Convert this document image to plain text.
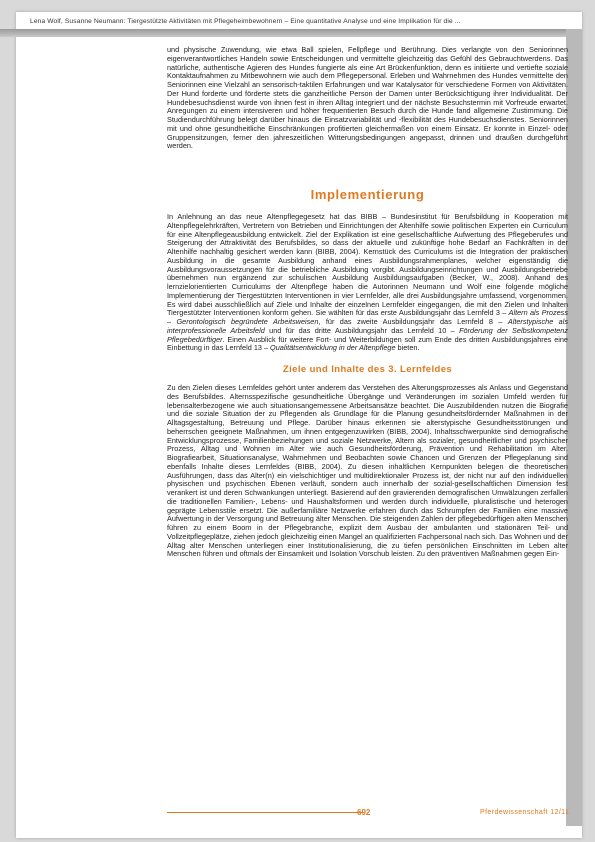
Lena Wolf, Susanne Neumann: Tiergestützte Aktivitäten mit Pflegeheimbewohnern – Eine quantitative Analyse und eine Implikation für die ...

und physische Zuwendung, wie etwa Ball spielen, Fellpflege und Berührung. Dies verlangte von den Seniorinnen eigenverantwortliches Handeln sowie Entscheidungen und vermittelte gleichzeitig das Gefühl des Gebrauchtwerdens. Das natürliche, authentische Agieren des Hundes fungierte als eine Art Brückenfunktion, denn es initiierte und vertiefte soziale Kontaktaufnahmen zu Mitbewohnern wie auch dem Pflegepersonal. Erleben und Wahrnehmen des Hundes vermittelte den Seniorinnen eine Vielzahl an sensorisch-taktilen Erfahrungen und war Katalysator für verschiedene Formen von Aktivitäten. Der Hund forderte und förderte stets die ganzheitliche Person der Damen unter Berücksichtigung ihrer Individualität. Der Hundebesuchsdienst wurde von ihnen fest in ihren Alltag integriert und der nächste Besuchstermin mit Vorfreude erwartet. Anregungen zu einem intensiveren und höher frequentierten Besuch durch die Hunde fand allgemeine Zustimmung. Die Studiendurchführung belegt darüber hinaus die Einsatzvariabilität und -flexibilität des Hundebesuchsdienstes. Seniorinnen mit und ohne gesundheitliche Einschränkungen profitierten gleichermaßen von einem Einsatz. Er konnte in Einzel- oder Gruppensitzungen, ferner den jahreszeitlichen Witterungsbedingungen angepasst, drinnen und draußen durchgeführt werden.

Implementierung

In Anlehnung an das neue Altenpflegegesetz hat das BIBB – Bundesinstitut für Berufsbildung in Kooperation mit Altenpflegelehrkräften, Vertretern von Betrieben und Einrichtungen der Altenhilfe sowie politischen Experten ein Curriculum für eine Altenpflegeausbildung entwickelt. Ziel der Explikation ist eine gesellschaftliche Aufwertung des Pflegeberufes und Steigerung der Attraktivität des Berufsbildes, so dass der aktuelle und zukünftige hohe Bedarf an Fachkräften in der Altenhilfe nachhaltig gesichert werden kann (BIBB, 2004). Kernstück des Curriculums ist die Integration der praktischen Ausbildung in die gesamte Ausbildung anhand eines Ausbildungsrahmenplanes, welcher eigenständig die Ausbildungsvoraussetzungen für die betriebliche Ausbildung vorgibt. Ausbildungseinrichtungen und Ausbildungsbetriebe übernehmen nun ergänzend zur schulischen Ausbildung Ausbildungsaufgaben (Becker, W., 2008). Anhand des lernzielorientierten Curriculums der Altenpflege haben die Autorinnen Neumann und Wolf eine folgende mögliche Implementierung der Tiergestützten Interventionen in vier Lernfelder, alle drei Ausbildungsjahre umfassend, vorgenommen. Es wird dabei ausschließlich auf Ziele und Inhalte der einzelnen Lernfelder eingegangen, die mit den Zielen und Inhalten Tiergestützter Interventionen konform gehen. Sie wählten für das erste Ausbildungsjahr das Lernfeld 3 – Altern als Prozess – Gerontologisch begründete Arbeitsweisen, für das zweite Ausbildungsjahr das Lernfeld 8 – Alterstypische als interprofessionelle Arbeitsfeld und für das dritte Ausbildungsjahr das Lernfeld 10 – Förderung der Selbstkompetenz Pflegebedürftiger. Einen Ausblick für weitere Fort- und Weiterbildungen soll zum Ende des dritten Ausbildungsjahres eine Einbettung in das Lernfeld 13 – Qualitätsentwicklung in der Altenpflege bieten.

Ziele und Inhalte des 3. Lernfeldes

Zu den Zielen dieses Lernfeldes gehört unter anderem das Verstehen des Alterungsprozesses als Anlass und Gegenstand des Berufsbildes. Alternsspezifische gesundheitliche Übergänge und Veränderungen im sozialen Umfeld werden für lebensalterbezogene wie auch situationsangemessene Arbeitsansätze beachtet. Die Auszubildenden nutzen die Biografie und die soziale Situation der zu Pflegenden als Grundlage für die Planung gesundheitsfördernder Maßnahmen in der Alltagsgestaltung, Betreuung und Pflege. Darüber hinaus erkennen sie alterstypische Gesundheitsstörungen und beherrschen geeignete Maßnahmen, um ihnen entgegenzuwirken (BIBB, 2004). Inhaltsschwerpunkte sind demografische Entwicklungsprozesse, Familienbeziehungen und soziale Netzwerke, Altern als sozialer, gesundheitlicher und psychischer Prozess, Alltag und Wohnen im Alter wie auch Gesundheitsförderung, Prävention und Rehabilitation im Alter. Biografiearbeit, Situationsanalyse, Wahrnehmen und Beobachten sowie Chancen und Grenzen der Pflegeplanung sind ebenfalls Inhalte dieses Lernfeldes (BIBB, 2004). Zu diesen inhaltlichen Kernpunkten belegen die theoretischen Ausführungen, dass das Alter(n) ein vielschichtiger und multidirektionaler Prozess ist, der nicht nur auf den individuellen physischen und psychischen Ebenen verläuft, sondern auch innerhalb der sozial-gesellschaftlichen Dimension fest verankert ist und deren Schwankungen unterliegt. Basierend auf den gravierenden demografischen Umwälzungen zerfallen die traditionellen Familien-, Lebens- und Haushaltsformen und werden durch individuelle, pluralistische und heterogen geprägte Lebensstile ersetzt. Die außerfamiliäre Netzwerke erfahren durch das Schrumpfen der Familien eine massive Aufwertung in der Versorgung und Betreuung älter Menschen. Die steigenden Zahlen der pflegebedürftigen alten Menschen führen zu einem Boom in der Pflegebranche, explizit dem Ausbau der ambulanten und stationären Teil- und Vollzeitpflegeplätze, ziehen jedoch gleichzeitig einen Mangel an qualifizierten Fachpersonal nach sich. Das Wohnen und der Alltag alter Menschen unterliegen einer Institutionalisierung, die zu tiefen persönlichen Einschnitten im Leben alter Menschen führen und oftmals der Einsamkeit und Isolation Vorschub leisten. Zu den präventiven Maßnahmen gegen Ein-

692	Pferdewissenschaft 12/11
